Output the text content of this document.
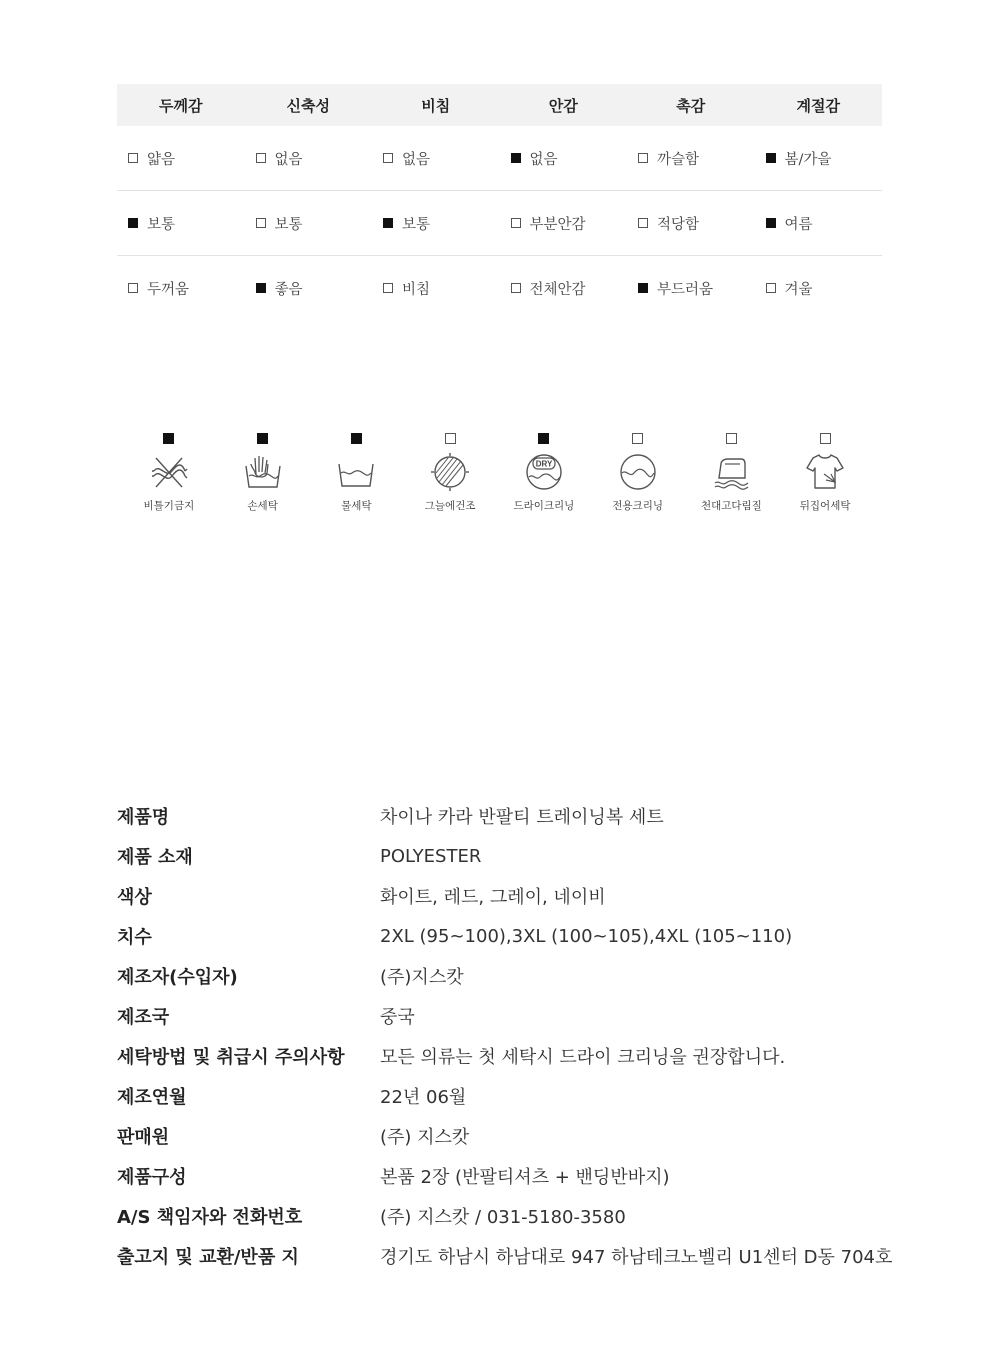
두께감	신축성	비침	안감	촉감	계절감
얇음	없음	없음	없음	까슬함	봄/가을
보통	보통	보통	부분안감	적당함	여름
두꺼움	좋음	비침	전체안감	부드러움	겨울
비틀기금지	손세탁	물세탁	그늘에건조
DRY
드라이크리닝	전용크리닝	천대고다림질	뒤집어세탁
제품명	차이나 카라 반팔티 트레이닝복 세트
제품 소재	POLYESTER
색상	화이트, 레드, 그레이, 네이비
치수	2XL (95~100),3XL (100~105),4XL (105~110)
제조자(수입자)	(주)지스캇
제조국	중국
세탁방법 및 취급시 주의사항	모든 의류는 첫 세탁시 드라이 크리닝을 권장합니다.
제조연월	22년 06월
판매원	(주) 지스캇
제품구성	본품 2장 (반팔티셔츠 + 밴딩반바지)
A/S 책임자와 전화번호	(주) 지스캇 / 031-5180-3580
출고지 및 교환/반품 지	경기도 하남시 하남대로 947 하남테크노벨리 U1센터 D동 704호
